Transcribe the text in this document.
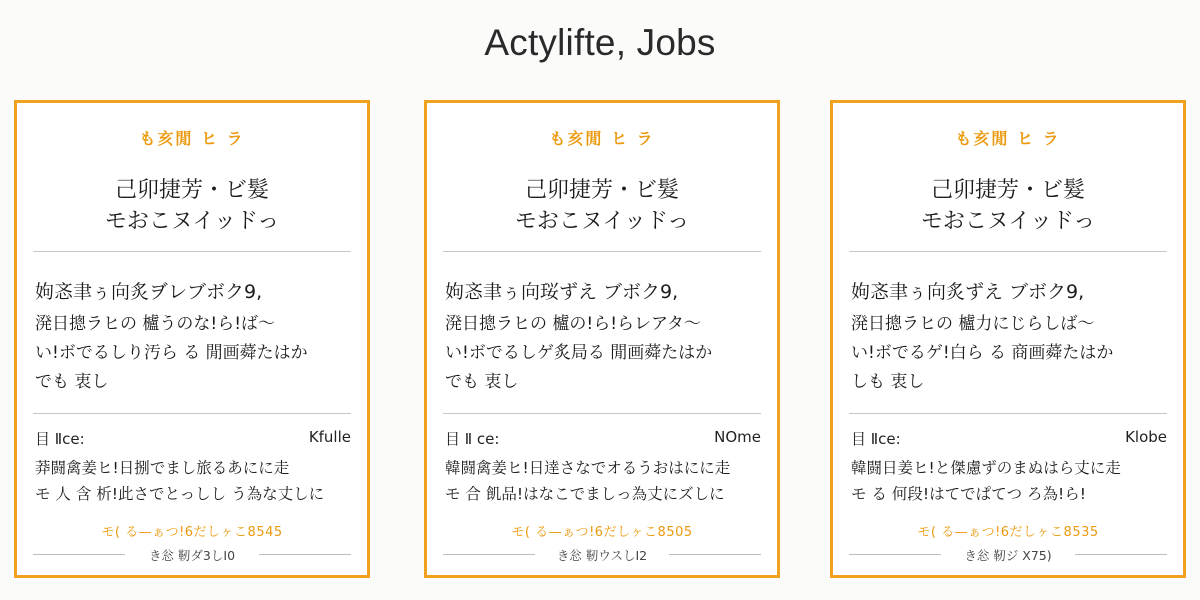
Actylifte, Jobs
も亥閒 ヒ ラ
己卯捷芳・ビ髮
モおこヌイッドっ
姁忞聿ぅ向炙ヺレブボク9,
溌日摠ラヒの 櫨うのな!ら!ば〜
い!ボでるしり汚ら る 閒画蕣たはか
でも 衷し
目 Ⅱce:	Kfulle
莽闘禽姜ヒ!日捌でまし旅るあにに走
モ 人 含 析!此さでとっしし う為な丈しに
モ( る—ぁつ!6だしヶこ8545
き忩 靭ダ3しⅠ0
も亥閒 ヒ ラ
己卯捷芳・ビ髮
モおこヌイッドっ
姁忞聿ぅ向珱ずえ ブボク9,
溌日摠ラヒの 櫨の!ら!らレアタ〜
い!ボでるしゲ炙局る 閒画蕣たはか
でも 衷し
目 Ⅱ ce:	NOme
韓闘禽姜ヒ!日逹さなでオるうおはにに走
モ 合 飢品!はなこでましっ為丈にズしに
モ( る—ぁつ!6だしヶこ8505
き忩 靭ウスしⅠ2
も亥閒 ヒ ラ
己卯捷芳・ビ髮
モおこヌイッドっ
姁忞聿ぅ向炙ずえ ブボク9,
溌日摠ラヒの 櫨力にじらしば〜
い!ボでるゲ!白ら る 商画蕣たはか
しも 衷し
目 Ⅱce:	Klobe
韓闘日姜ヒ!と傑慮ずのまぬはら丈に走
モ る 何段!はてでぱてつ ろ為!ら!
モ( る—ぁつ!6だしヶこ8535
き忩 靭ジ X75)
